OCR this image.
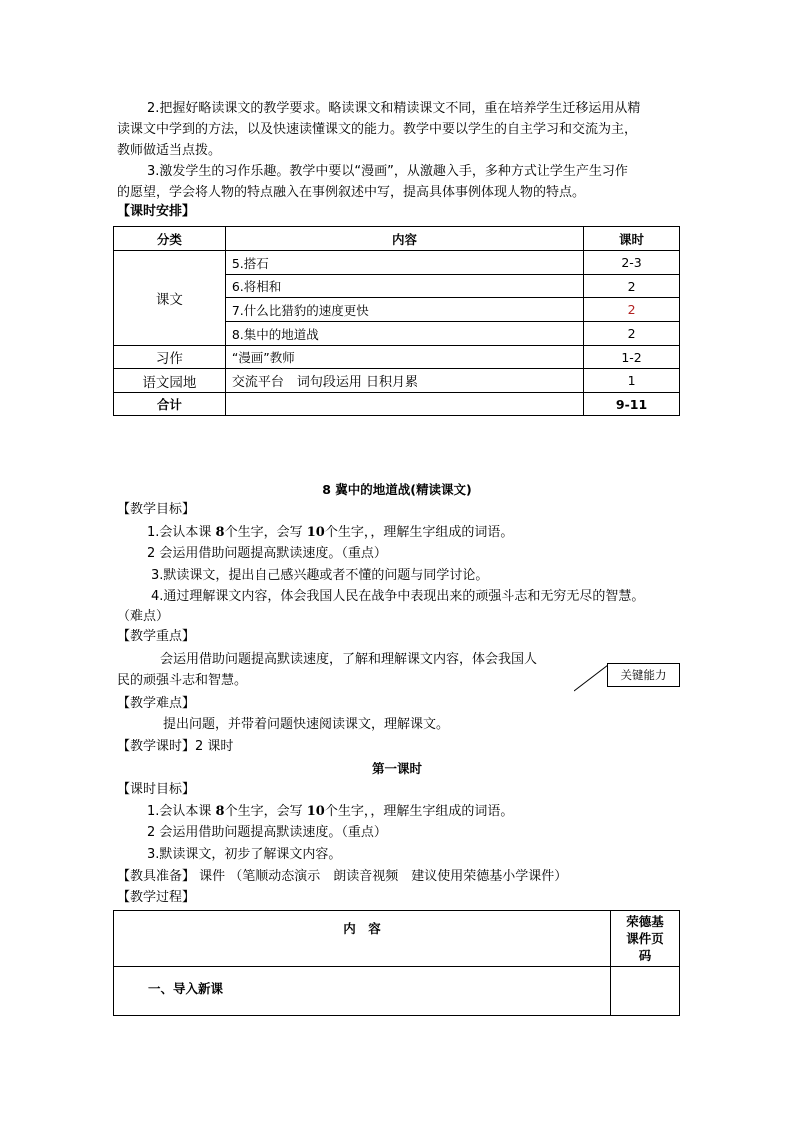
2.把握好略读课文的教学要求。略读课文和精读课文不同，重在培养学生迁移运用从精
读课文中学到的方法，以及快速读懂课文的能力。教学中要以学生的自主学习和交流为主，
教师做适当点拨。
3.激发学生的习作乐趣。教学中要以“漫画”，从激趣入手，多种方式让学生产生习作
的愿望，学会将人物的特点融入在事例叙述中写，提高具体事例体现人物的特点。
【课时安排】
分类	内容	课时
课文	5.搭石	2-3
	6.将相和	2
	7.什么比猎豹的速度更快	2
	8.集中的地道战	2
习作	“漫画”教师	1-2
语文园地	交流平台　词句段运用 日积月累	1
合计		9-11
8 冀中的地道战(精读课文)
【教学目标】
1.会认本课 8个生字，会写 10个生字，，理解生字组成的词语。
2 会运用借助问题提高默读速度。（重点）
3.默读课文，提出自己感兴趣或者不懂的问题与同学讨论。
4.通过理解课文内容，体会我国人民在战争中表现出来的顽强斗志和无穷无尽的智慧。
（难点）
【教学重点】
会运用借助问题提高默读速度，了解和理解课文内容，体会我国人
民的顽强斗志和智慧。	关键能力
【教学难点】
提出问题，并带着问题快速阅读课文，理解课文。
【教学课时】2 课时
第一课时
【课时目标】
1.会认本课 8个生字，会写 10个生字，，理解生字组成的词语。
2 会运用借助问题提高默读速度。（重点）
3.默读课文，初步了解课文内容。
【教具准备】 课件 （笔顺动态演示　朗读音视频　建议使用荣德基小学课件）
【教学过程】
内　容	荣德基
课件页
码

一、导入新课	
